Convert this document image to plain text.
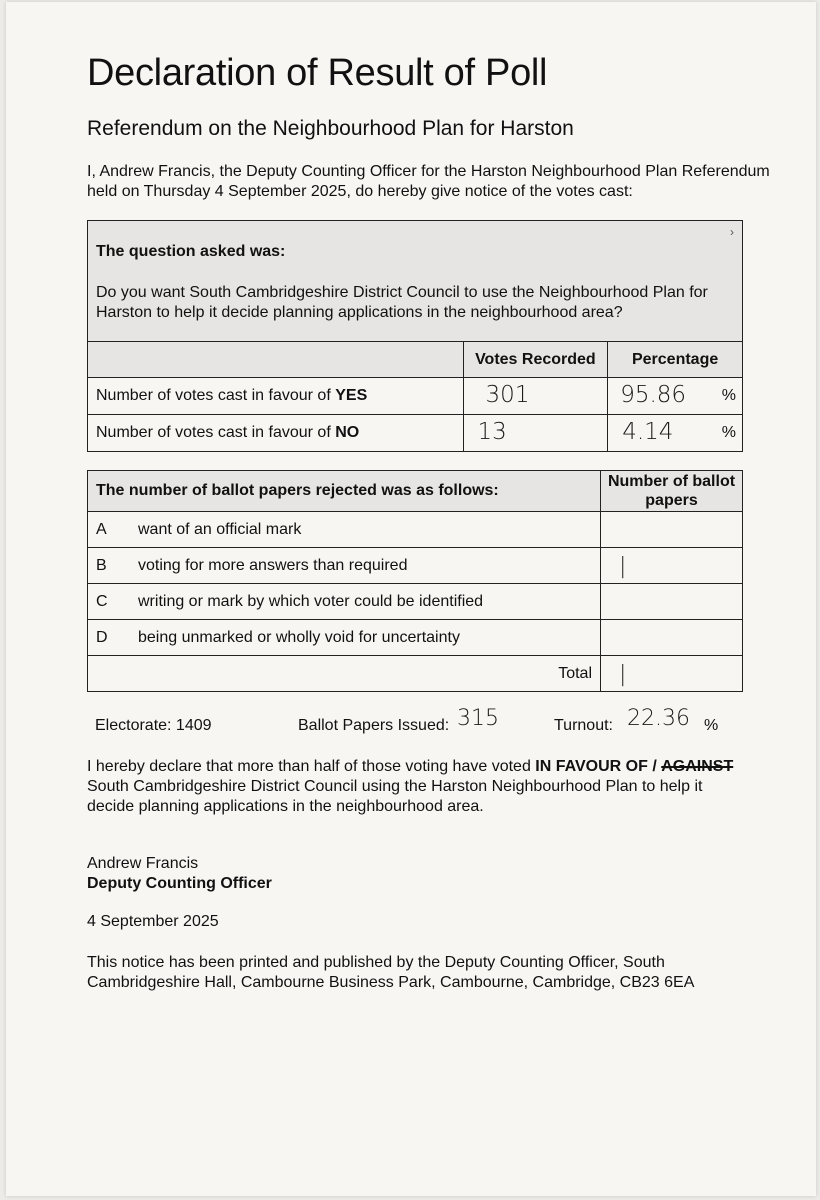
Declaration of Result of Poll
Referendum on the Neighbourhood Plan for Harston
I, Andrew Francis, the Deputy Counting Officer for the Harston Neighbourhood Plan Referendum held on Thursday 4 September 2025, do hereby give notice of the votes cast:
›
The question asked was:
Do you want South Cambridgeshire District Council to use the Neighbourhood Plan for Harston to help it decide planning applications in the neighbourhood area?
	Votes Recorded	Percentage
Number of votes cast in favour of YES	301	95.86 %

Number of votes cast in favour of NO	13	4.14 %
The number of ballot papers rejected was as follows:		Number of ballot papers
A	want of an official mark	

B	voting for more answers than required	|

C	writing or mark by which voter could be identified	

D	being unmarked or wholly void for uncertainty	

Total		|
Electorate: 1409	Ballot Papers Issued: 315	Turnout: 22.36 %
I hereby declare that more than half of those voting have voted IN FAVOUR OF / AGAINST South Cambridgeshire District Council using the Harston Neighbourhood Plan to help it decide planning applications in the neighbourhood area.
Andrew Francis
Deputy Counting Officer
4 September 2025
This notice has been printed and published by the Deputy Counting Officer, South Cambridgeshire Hall, Cambourne Business Park, Cambourne, Cambridge, CB23 6EA
